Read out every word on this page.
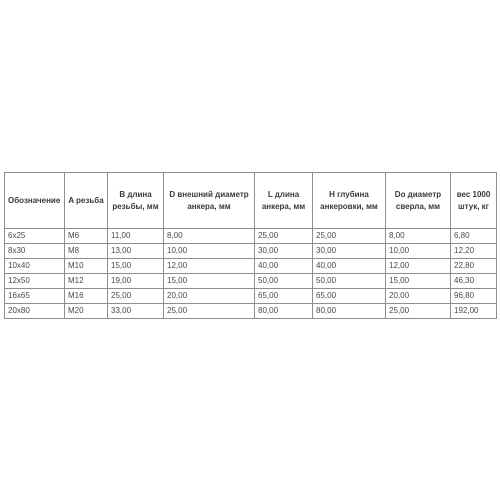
Обозначение	A резьба	B длина резьбы, мм	D внешний диаметр анкера, мм	L длина анкера, мм	H глубина анкеровки, мм	Do диаметр сверла, мм	вес 1000 штук, кг

6x25	M6	11,00	8,00	25,00	25,00	8,00	6,80
8x30	M8	13,00	10,00	30,00	30,00	10,00	12,20
10x40	M10	15,00	12,00	40,00	40,00	12,00	22,80
12x50	M12	19,00	15,00	50,00	50,00	15,00	46,30
16x65	M16	25,00	20,00	65,00	65,00	20,00	96,80
20x80	M20	33,00	25,00	80,00	80,00	25,00	192,00
